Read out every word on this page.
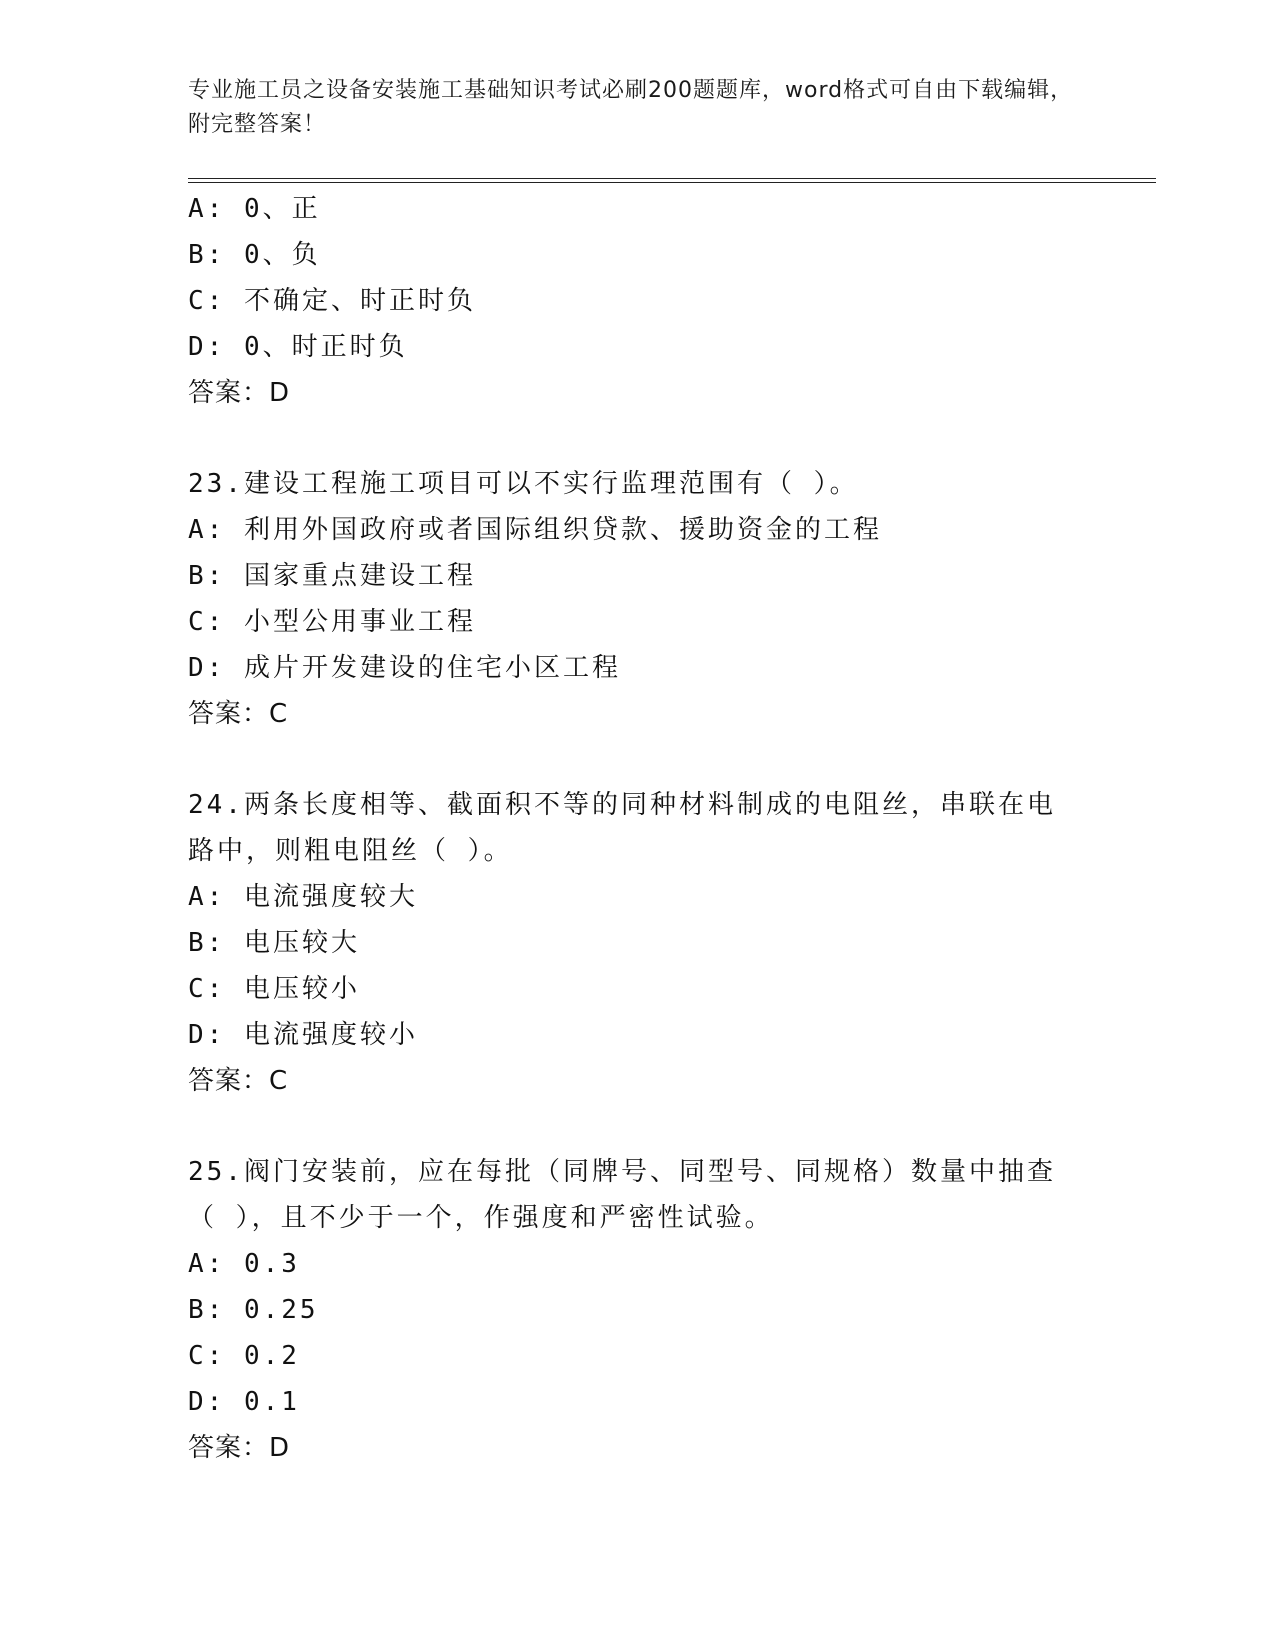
专业施工员之设备安装施工基础知识考试必刷200题题库，word格式可自由下载编辑，附完整答案！
A: 0、正
B: 0、负
C: 不确定、时正时负
D: 0、时正时负
答案：D
23.建设工程施工项目可以不实行监理范围有（ ）。
A: 利用外国政府或者国际组织贷款、援助资金的工程
B: 国家重点建设工程
C: 小型公用事业工程
D: 成片开发建设的住宅小区工程
答案：C
24.两条长度相等、截面积不等的同种材料制成的电阻丝，串联在电路中，则粗电阻丝（ ）。
A: 电流强度较大
B: 电压较大
C: 电压较小
D: 电流强度较小
答案：C
25.阀门安装前，应在每批（同牌号、同型号、同规格）数量中抽查（ ），且不少于一个，作强度和严密性试验。
A: 0.3
B: 0.25
C: 0.2
D: 0.1
答案：D
